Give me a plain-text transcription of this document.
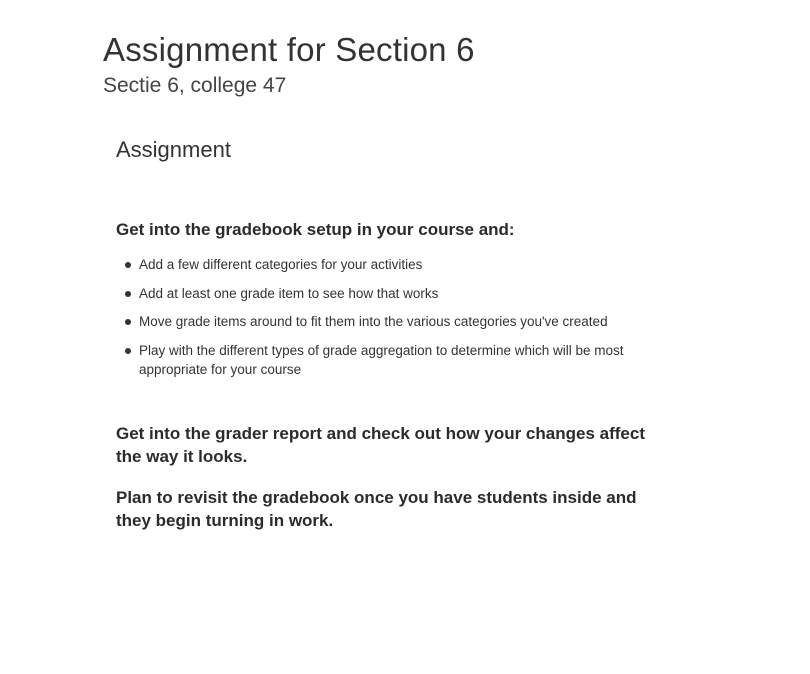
Assignment for Section 6
Sectie 6, college 47
Assignment

Get into the gradebook setup in your course and:

Add a few different categories for your activities
Add at least one grade item to see how that works
Move grade items around to fit them into the various categories you've created
Play with the different types of grade aggregation to determine which will be most appropriate for your course

Get into the grader report and check out how your changes affect the way it looks.

Plan to revisit the gradebook once you have students inside and they begin turning in work.
